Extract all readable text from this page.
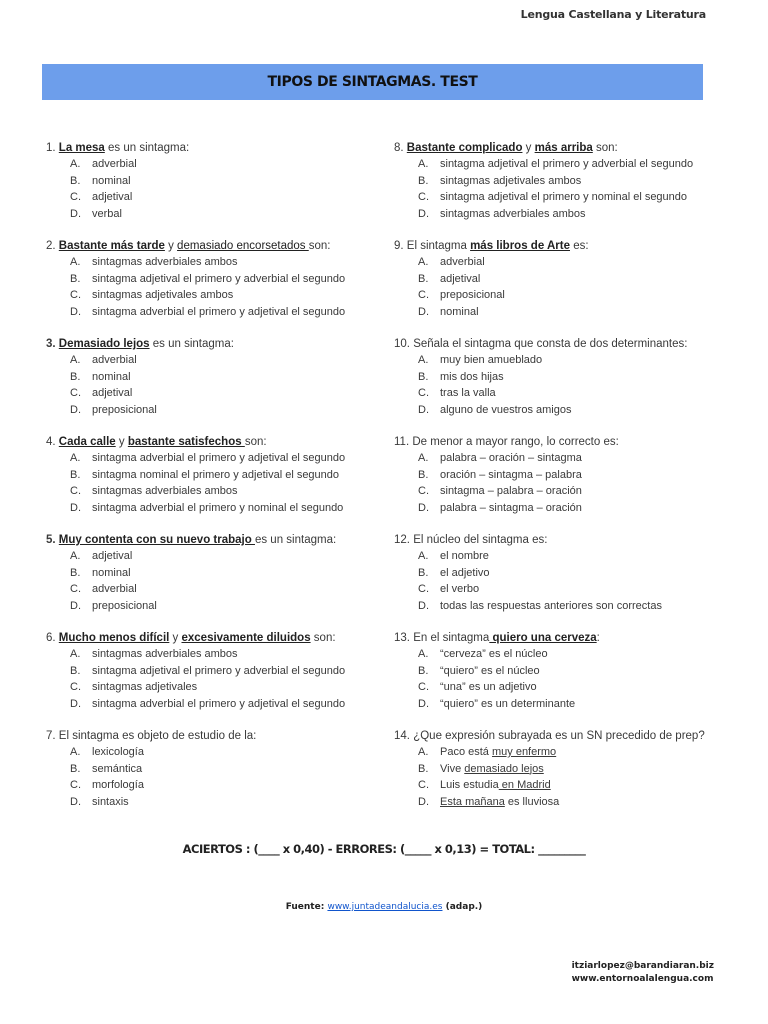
Lengua Castellana y Literatura
TIPOS DE SINTAGMAS. TEST
1. La mesa es un sintagma:
A. adverbial
B. nominal
C. adjetival
D. verbal
2. Bastante más tarde y demasiado encorsetados son:
A. sintagmas adverbiales ambos
B. sintagma adjetival el primero y adverbial el segundo
C. sintagmas adjetivales ambos
D. sintagma adverbial el primero y adjetival el segundo
3. Demasiado lejos es un sintagma:
A. adverbial
B. nominal
C. adjetival
D. preposicional
4. Cada calle y bastante satisfechos son:
A. sintagma adverbial el primero y adjetival el segundo
B. sintagma nominal el primero y adjetival el segundo
C. sintagmas adverbiales ambos
D. sintagma adverbial el primero y nominal el segundo
5. Muy contenta con su nuevo trabajo es un sintagma:
A. adjetival
B. nominal
C. adverbial
D. preposicional
6. Mucho menos difícil y excesivamente diluidos son:
A. sintagmas adverbiales ambos
B. sintagma adjetival el primero y adverbial el segundo
C. sintagmas adjetivales
D. sintagma adverbial el primero y adjetival el segundo
7. El sintagma es objeto de estudio de la:
A. lexicología
B. semántica
C. morfología
D. sintaxis
8. Bastante complicado y más arriba son:
A. sintagma adjetival el primero y adverbial el segundo
B. sintagmas adjetivales ambos
C. sintagma adjetival el primero y nominal el segundo
D. sintagmas adverbiales ambos
9. El sintagma más libros de Arte es:
A. adverbial
B. adjetival
C. preposicional
D. nominal
10. Señala el sintagma que consta de dos determinantes:
A. muy bien amueblado
B. mis dos hijas
C. tras la valla
D. alguno de vuestros amigos
11. De menor a mayor rango, lo correcto es:
A. palabra – oración – sintagma
B. oración – sintagma – palabra
C. sintagma – palabra – oración
D. palabra – sintagma – oración
12. El núcleo del sintagma es:
A. el nombre
B. el adjetivo
C. el verbo
D. todas las respuestas anteriores son correctas
13. En el sintagma quiero una cerveza:
A. “cerveza” es el núcleo
B. “quiero” es el núcleo
C. “una” es un adjetivo
D. “quiero” es un determinante
14. ¿Que expresión subrayada es un SN precedido de prep?
A. Paco está muy enfermo
B. Vive demasiado lejos
C. Luis estudia en Madrid
D. Esta mañana es lluviosa
ACIERTOS : (____ x 0,40) - ERRORES: (_____ x 0,13) = TOTAL: _________
Fuente: www.juntadeandalucia.es (adap.)
itziarlopez@barandiaran.biz
www.entornoalalengua.com
